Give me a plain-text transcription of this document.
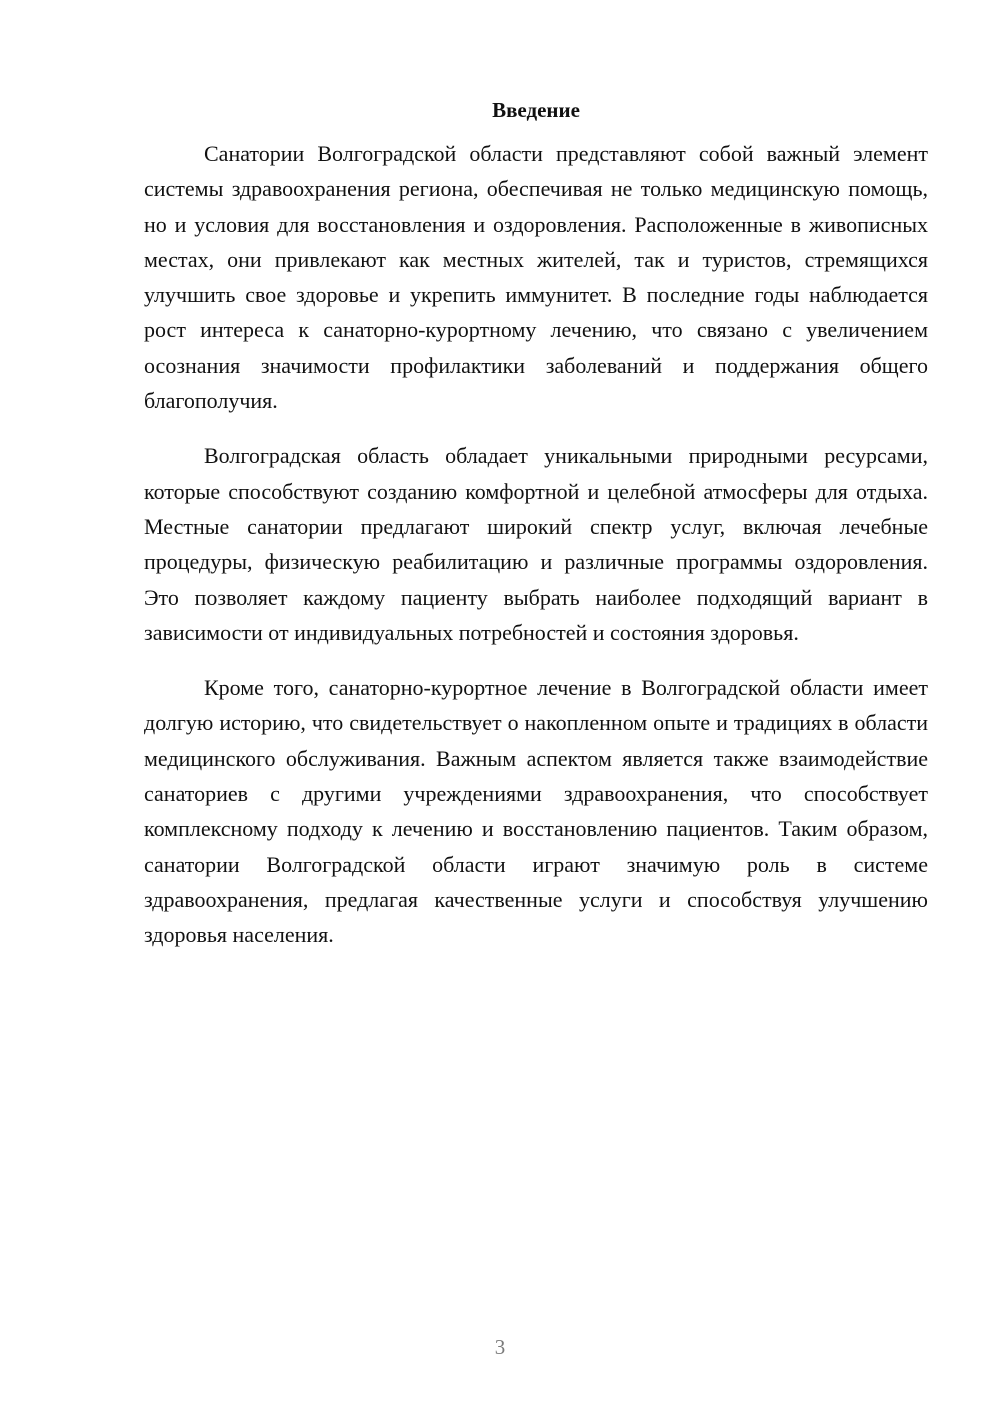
Введение

Санатории Волгоградской области представляют собой важный элемент системы здравоохранения региона, обеспечивая не только медицинскую помощь, но и условия для восстановления и оздоровления. Расположенные в живописных местах, они привлекают как местных жителей, так и туристов, стремящихся улучшить свое здоровье и укрепить иммунитет. В последние годы наблюдается рост интереса к санаторно-курортному лечению, что связано с увеличением осознания значимости профилактики заболеваний и поддержания общего благополучия.

Волгоградская область обладает уникальными природными ресурсами, которые способствуют созданию комфортной и целебной атмосферы для отдыха. Местные санатории предлагают широкий спектр услуг, включая лечебные процедуры, физическую реабилитацию и различные программы оздоровления. Это позволяет каждому пациенту выбрать наиболее подходящий вариант в зависимости от индивидуальных потребностей и состояния здоровья.

Кроме того, санаторно-курортное лечение в Волгоградской области имеет долгую историю, что свидетельствует о накопленном опыте и традициях в области медицинского обслуживания. Важным аспектом является также взаимодействие санаториев с другими учреждениями здравоохранения, что способствует комплексному подходу к лечению и восстановлению пациентов. Таким образом, санатории Волгоградской области играют значимую роль в системе здравоохранения, предлагая качественные услуги и способствуя улучшению здоровья населения.

3
